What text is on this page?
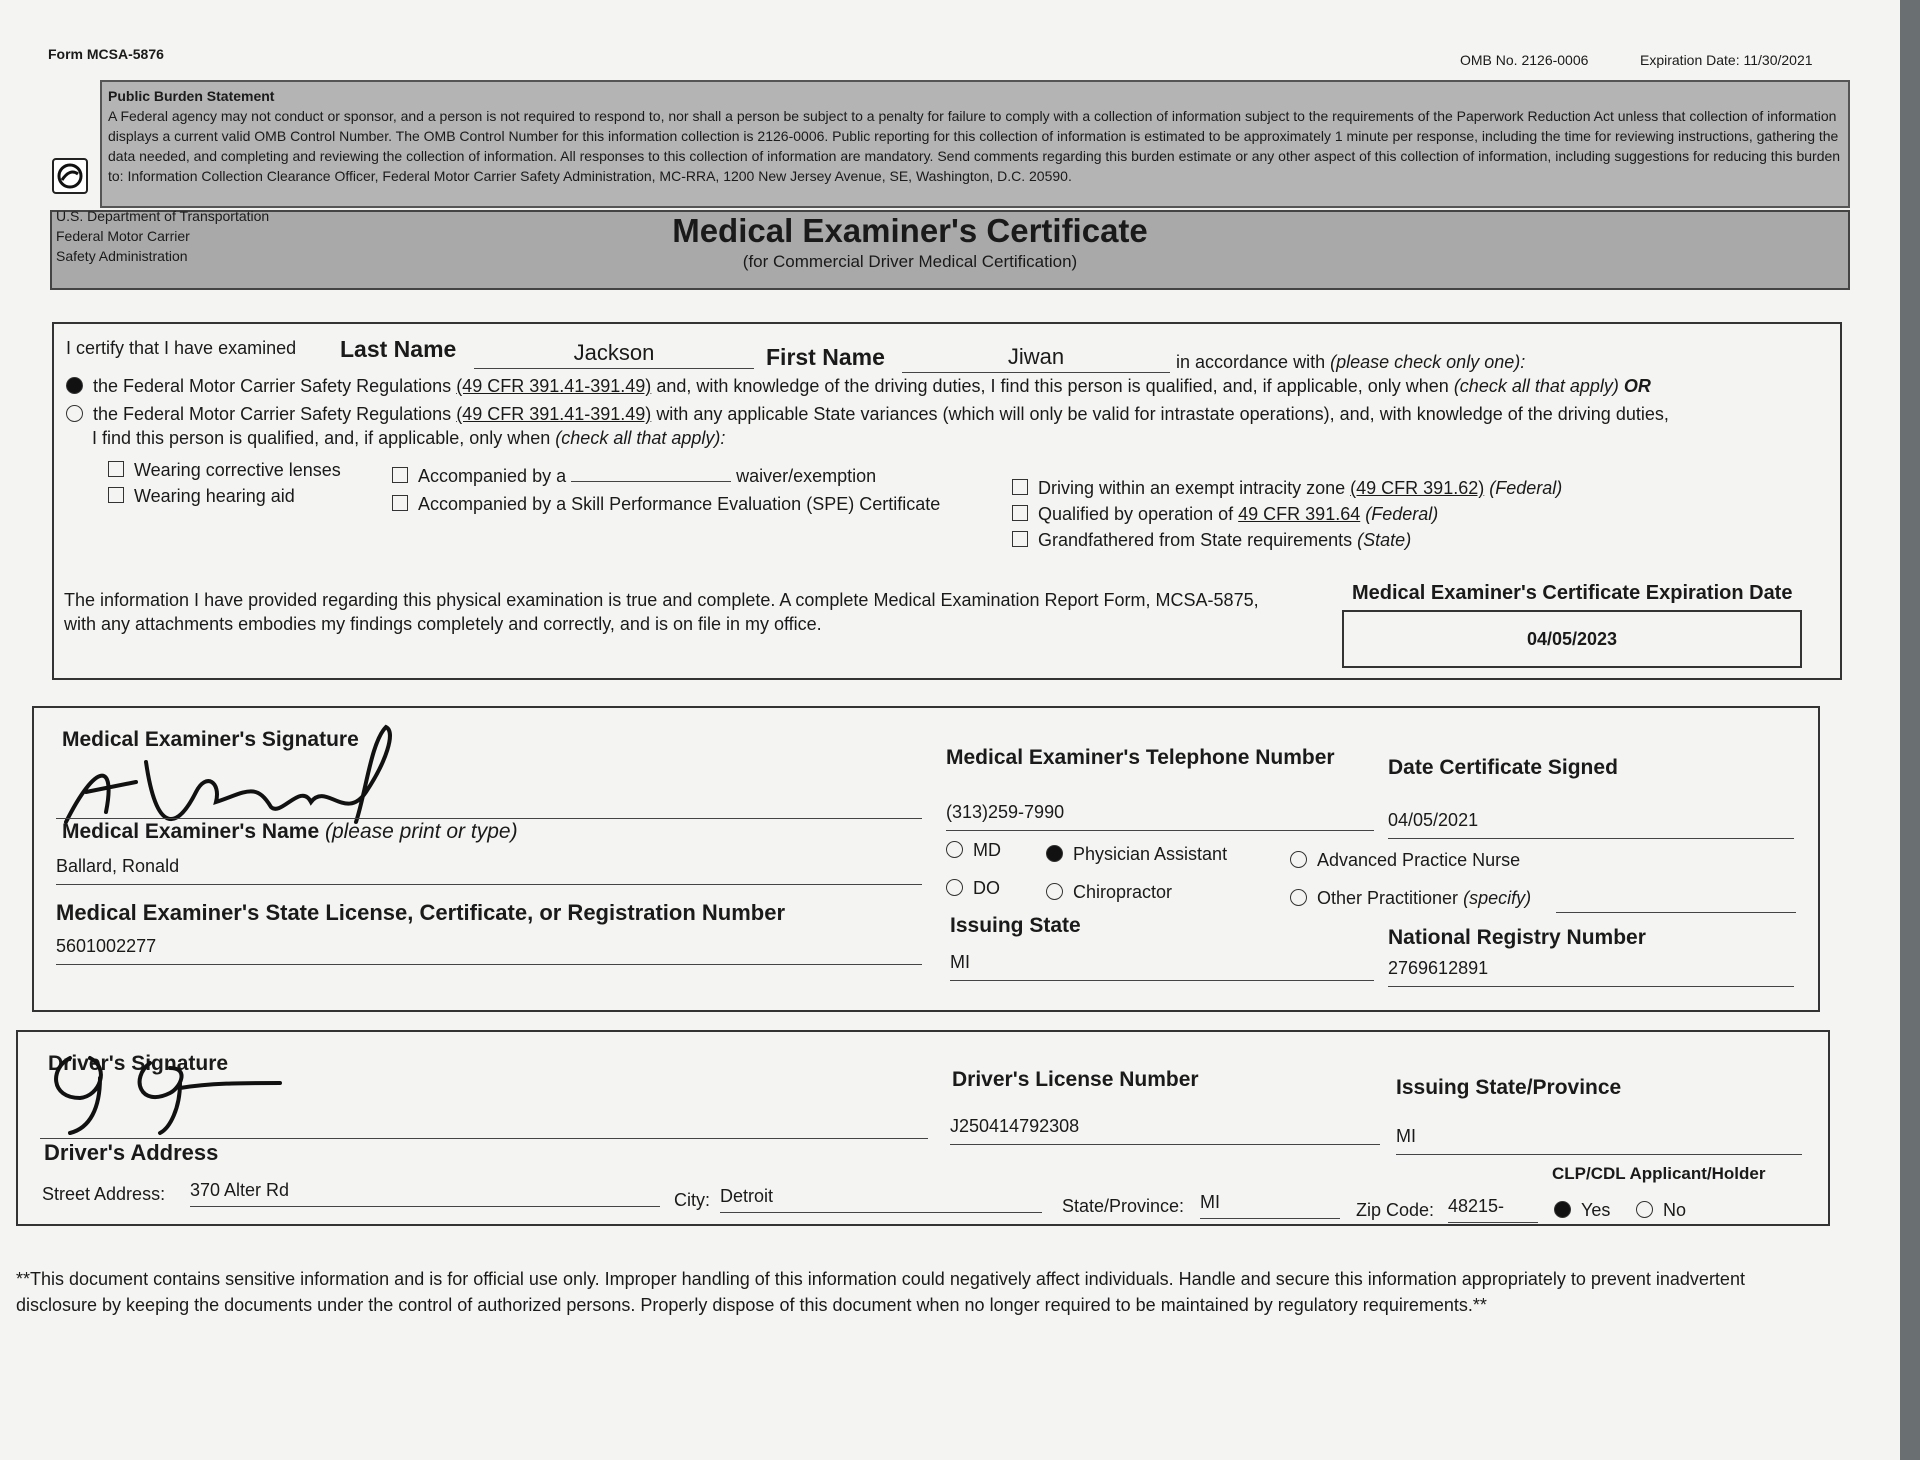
Form MCSA-5876	OMB No. 2126-0006	Expiration Date: 11/30/2021
Public Burden Statement
A Federal agency may not conduct or sponsor, and a person is not required to respond to, nor shall a person be subject to a penalty for failure to comply with a collection of information subject to the requirements of the Paperwork Reduction Act unless that collection of information displays a current valid OMB Control Number. The OMB Control Number for this information collection is 2126-0006. Public reporting for this collection of information is estimated to be approximately 1 minute per response, including the time for reviewing instructions, gathering the data needed, and completing and reviewing the collection of information. All responses to this collection of information are mandatory. Send comments regarding this burden estimate or any other aspect of this collection of information, including suggestions for reducing this burden to: Information Collection Clearance Officer, Federal Motor Carrier Safety Administration, MC-RRA, 1200 New Jersey Avenue, SE, Washington, D.C. 20590.
U.S. Department of Transportation
Federal Motor Carrier
Safety Administration
Medical Examiner's Certificate
(for Commercial Driver Medical Certification)
I certify that I have examined Last Name	Jackson	First Name	Jiwan	in accordance with (please check only one):
the Federal Motor Carrier Safety Regulations (49 CFR 391.41-391.49) and, with knowledge of the driving duties, I find this person is qualified, and, if applicable, only when (check all that apply) OR
the Federal Motor Carrier Safety Regulations (49 CFR 391.41-391.49) with any applicable State variances (which will only be valid for intrastate operations), and, with knowledge of the driving duties,
I find this person is qualified, and, if applicable, only when (check all that apply):
Wearing corrective lenses
Wearing hearing aid
Accompanied by a	waiver/exemption
Accompanied by a Skill Performance Evaluation (SPE) Certificate
Driving within an exempt intracity zone (49 CFR 391.62) (Federal)
Qualified by operation of 49 CFR 391.64 (Federal)
Grandfathered from State requirements (State)
The information I have provided regarding this physical examination is true and complete. A complete Medical Examination Report Form, MCSA-5875, with any attachments embodies my findings completely and correctly, and is on file in my office.
Medical Examiner's Certificate Expiration Date
04/05/2023
Medical Examiner's Signature
Medical Examiner's Name (please print or type)
Ballard, Ronald
Medical Examiner's State License, Certificate, or Registration Number
5601002277
Medical Examiner's Telephone Number
(313)259-7990
Date Certificate Signed
04/05/2021
MD
DO
Physician Assistant
Chiropractor
Advanced Practice Nurse
Other Practitioner (specify)
Issuing State
MI
National Registry Number
2769612891
Driver's Signature
Driver's Address
Driver's License Number
J250414792308
Issuing State/Province
MI
CLP/CDL Applicant/Holder
Street Address: 370 Alter Rd	City: Detroit	State/Province: MI	Zip Code: 48215-	Yes	No
**This document contains sensitive information and is for official use only. Improper handling of this information could negatively affect individuals. Handle and secure this information appropriately to prevent inadvertent disclosure by keeping the documents under the control of authorized persons. Properly dispose of this document when no longer required to be maintained by regulatory requirements.**
